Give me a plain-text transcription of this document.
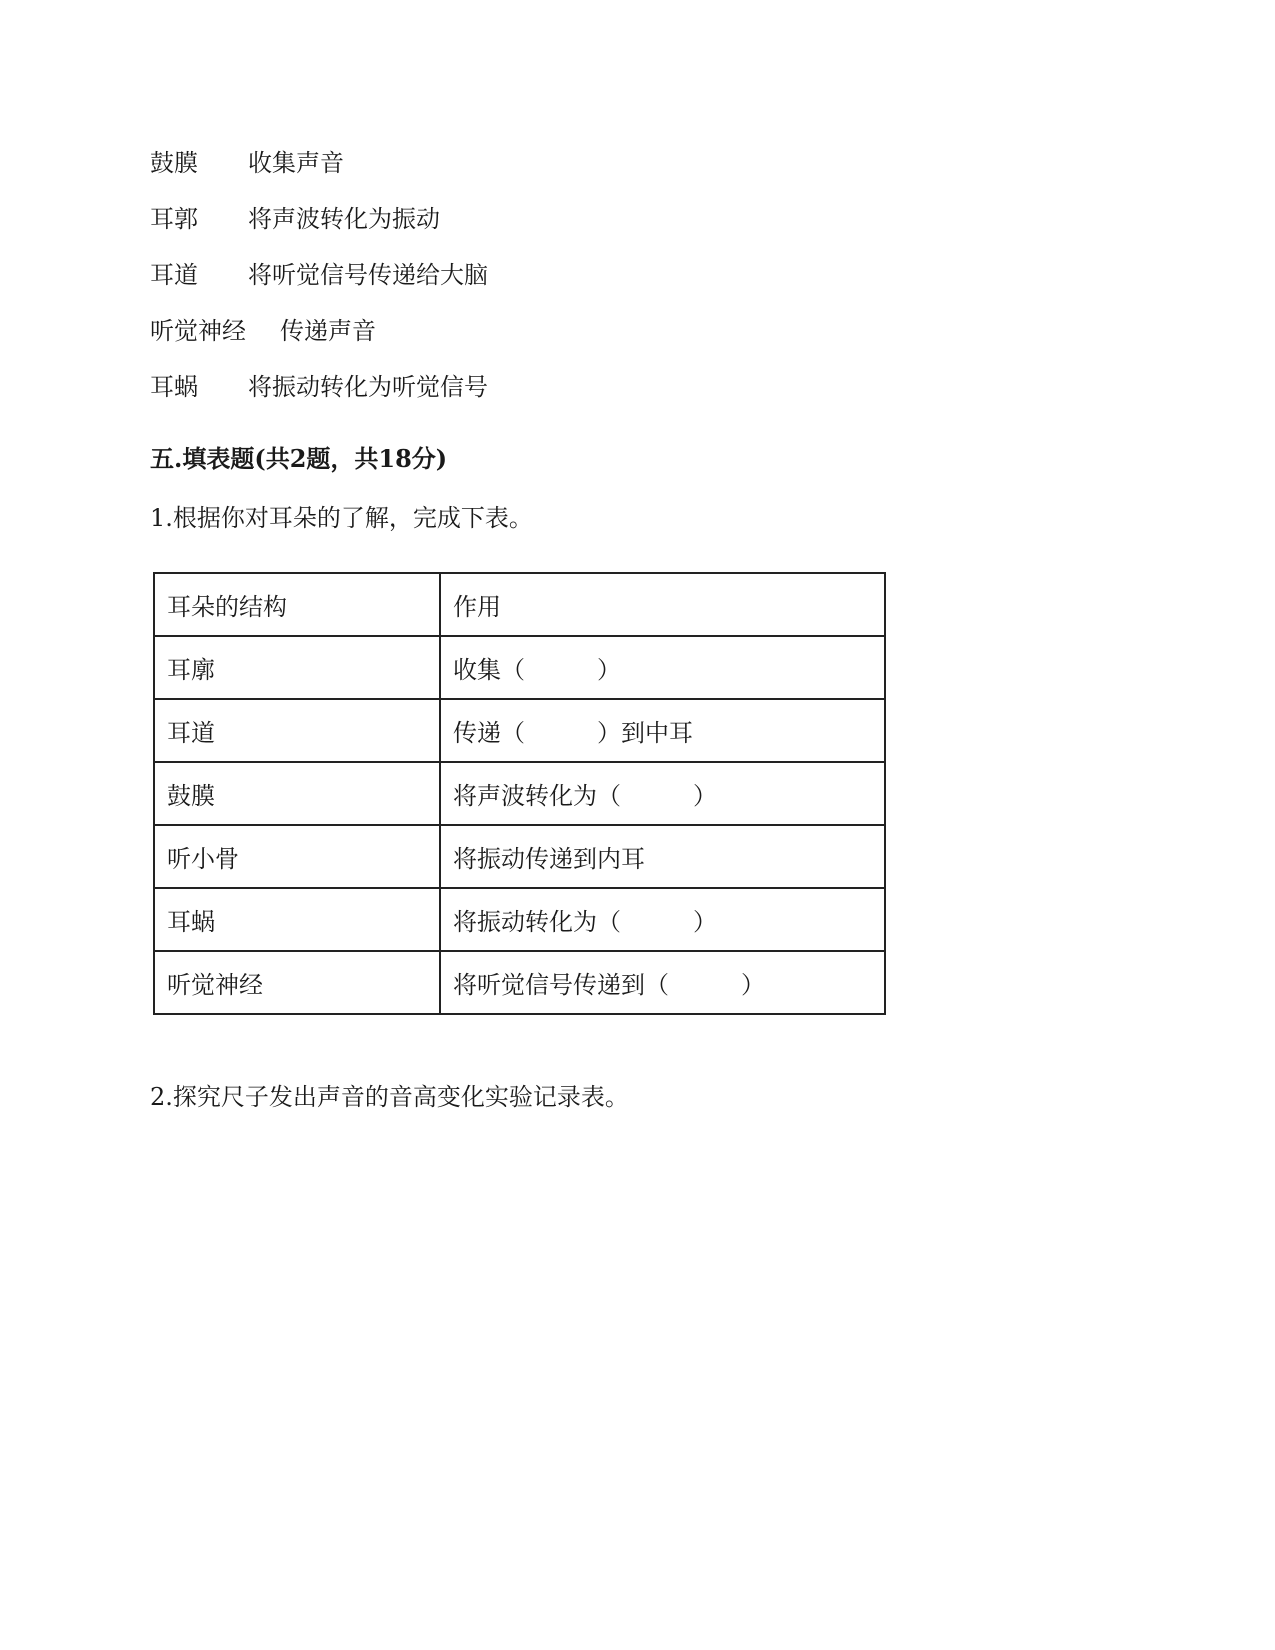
鼓膜 收集声音
耳郭 将声波转化为振动
耳道 将听觉信号传递给大脑
听觉神经 传递声音
耳蜗 将振动转化为听觉信号
五.填表题(共2题，共18分)
1.根据你对耳朵的了解，完成下表。
耳朵的结构	作用
耳廓	收集（　　　）
耳道	传递（　　　）到中耳
鼓膜	将声波转化为（　　　）
听小骨	将振动传递到内耳
耳蜗	将振动转化为（　　　）
听觉神经	将听觉信号传递到（　　　）
2.探究尺子发出声音的音高变化实验记录表。
